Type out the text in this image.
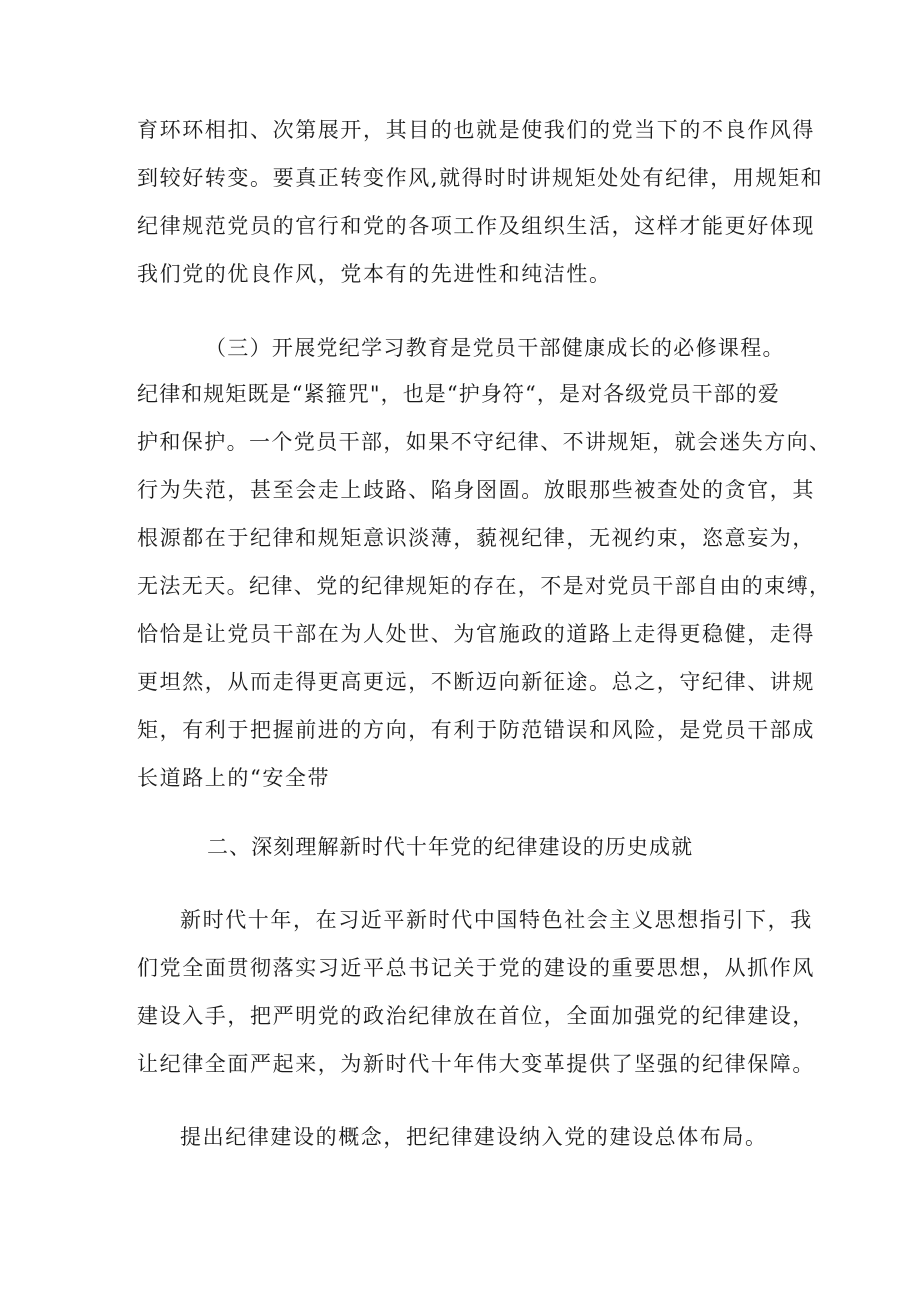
育环环相扣、次第展开，其目的也就是使我们的党当下的不良作风得
到较好转变。要真正转变作风,就得时时讲规矩处处有纪律，用规矩和
纪律规范党员的官行和党的各项工作及组织生活，这样才能更好体现
我们党的优良作风，党本有的先进性和纯洁性。
（三）开展党纪学习教育是党员干部健康成长的必修课程。
纪律和规矩既是“紧箍咒"，也是“护身符“，是对各级党员干部的爱
护和保护。一个党员干部，如果不守纪律、不讲规矩，就会迷失方向、
行为失范，甚至会走上歧路、陷身囹圄。放眼那些被查处的贪官，其
根源都在于纪律和规矩意识淡薄，藐视纪律，无视约束，恣意妄为，
无法无天。纪律、党的纪律规矩的存在，不是对党员干部自由的束缚，
恰恰是让党员干部在为人处世、为官施政的道路上走得更稳健，走得
更坦然，从而走得更高更远，不断迈向新征途。总之，守纪律、讲规
矩，有利于把握前进的方向，有利于防范错误和风险，是党员干部成
长道路上的“安全带
二、深刻理解新时代十年党的纪律建设的历史成就
新时代十年，在习近平新时代中国特色社会主义思想指引下，我
们党全面贯彻落实习近平总书记关于党的建设的重要思想，从抓作风
建设入手，把严明党的政治纪律放在首位，全面加强党的纪律建设，
让纪律全面严起来，为新时代十年伟大变革提供了坚强的纪律保障。
提出纪律建设的概念，把纪律建设纳入党的建设总体布局。
